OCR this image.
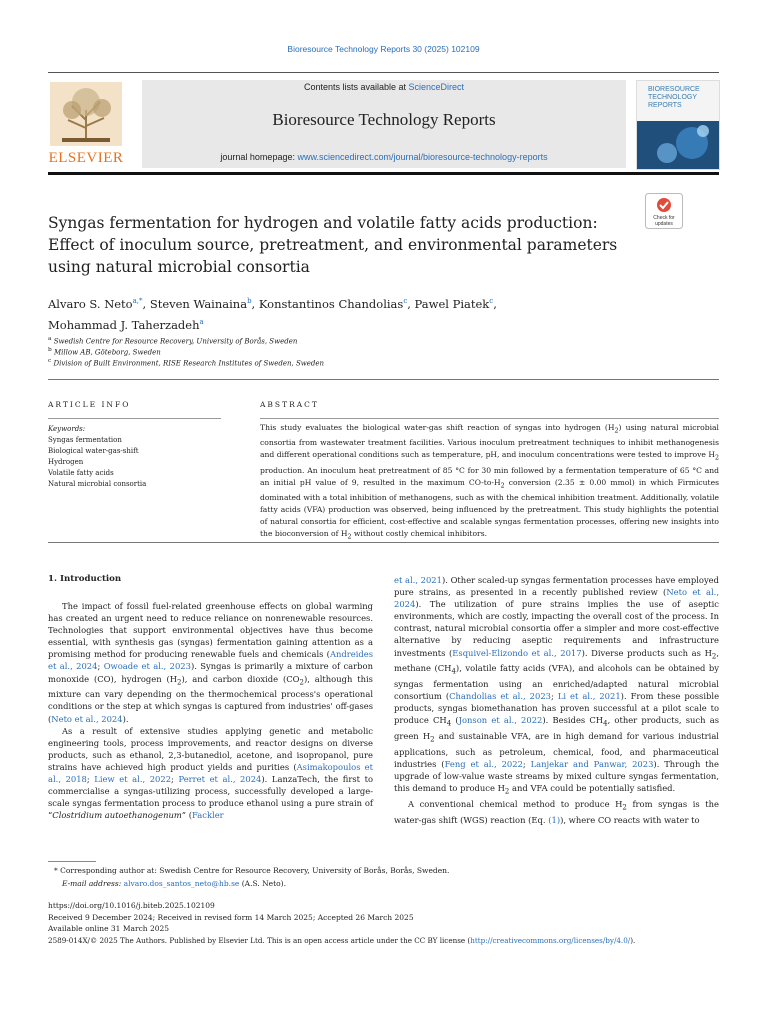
Bioresource Technology Reports 30 (2025) 102109
ELSEVIER
Contents lists available at ScienceDirect
Bioresource Technology Reports
journal homepage: www.sciencedirect.com/journal/bioresource-technology-reports
BIORESOURCE TECHNOLOGY REPORTS
Check for
updates
Syngas fermentation for hydrogen and volatile fatty acids production:
Effect of inoculum source, pretreatment, and environmental parameters
using natural microbial consortia
Alvaro S. Neto$^{a,*}$, Steven Wainaina$^b$, Konstantinos Chandolias$^c$, Pawel Piatek$^c$,
Mohammad J. Taherzadeh$^a$
$^a$ Swedish Centre for Resource Recovery, University of Borås, Sweden
$^b$ Millow AB, Göteborg, Sweden
$^c$ Division of Built Environment, RISE Research Institutes of Sweden, Sweden
ARTICLE INFO
Keywords:
Syngas fermentation
Biological water-gas-shift
Hydrogen
Volatile fatty acids
Natural microbial consortia
ABSTRACT

This study evaluates the biological water-gas shift reaction of syngas into hydrogen $(H_2)$ using natural microbial consortia from wastewater treatment facilities. Various inoculum pretreatment techniques to inhibit methanogenesis and different operational conditions such as temperature, pH, and inoculum concentrations were tested to improve $H_2$ production. An inoculum heat pretreatment of 85 °C for 30 min followed by a fermentation temperature of 65 °C and an initial pH value of 9, resulted in the maximum $CO-to-H_2$ conversion (2.35 ± 0.00 mmol) in which Firmicutes dominated with a total inhibition of methanogens, such as with the chemical inhibition treatment. Additionally, volatile fatty acids (VFA) production was observed, being influenced by the pretreatment. This study highlights the potential of natural consortia for efficient, cost-effective and scalable syngas fermentation processes, offering new insights into the bioconversion of $H_2$ without costly chemical inhibitors.

1. Introduction

The impact of fossil fuel-related greenhouse effects on global warming has created an urgent need to reduce reliance on nonrenewable resources. Technologies that support environmental objectives have thus become essential, with synthesis gas (syngas) fermentation gaining attention as a promising method for producing renewable fuels and chemicals (Andreides et al., 2024; Owoade et al., 2023). Syngas is primarily a mixture of carbon monoxide (CO), hydrogen $(H_2)$, and carbon dioxide $(CO_2)$, although this mixture can vary depending on the thermochemical process's operational conditions or the step at which syngas is captured from industries' off-gases (Neto et al., 2024).

As a result of extensive studies applying genetic and metabolic engineering tools, process improvements, and reactor designs on diverse products, such as ethanol, 2,3-butanediol, acetone, and isopropanol, pure strains have achieved high product yields and purities (Asimakopoulos et al., 2018; Liew et al., 2022; Perret et al., 2024). LanzaTech, the first to commercialise a syngas-utilizing process, successfully developed a large-scale syngas fermentation process to produce ethanol using a pure strain of “Clostridium autoethanogenum” (Fackler

et al., 2021). Other scaled-up syngas fermentation processes have employed pure strains, as presented in a recently published review (Neto et al., 2024). The utilization of pure strains implies the use of aseptic environments, which are costly, impacting the overall cost of the process. In contrast, natural microbial consortia offer a simpler and more cost-effective alternative by reducing aseptic requirements and infrastructure investments (Esquivel-Elizondo et al., 2017). Diverse products such as $H_2$, methane $(CH_4)$, volatile fatty acids (VFA), and alcohols can be obtained by syngas fermentation using an enriched/adapted natural microbial consortium (Chandolias et al., 2023; Li et al., 2021). From these possible products, syngas biomethanation has proven successful at a pilot scale to produce $CH_4$ (Jonson et al., 2022). Besides $CH_4$, other products, such as green $H_2$ and sustainable VFA, are in high demand for various industrial applications, such as petroleum, chemical, food, and pharmaceutical industries (Feng et al., 2022; Lanjekar and Panwar, 2023). Through the upgrade of low-value waste streams by mixed culture syngas fermentation, this demand to produce $H_2$ and VFA could be potentially satisfied.

A conventional chemical method to produce $H_2$ from syngas is the water-gas shift (WGS) reaction (Eq. (1)), where CO reacts with water to

* Corresponding author at: Swedish Centre for Resource Recovery, University of Borås, Borås, Sweden.
E-mail address: alvaro.dos_santos_neto@hb.se (A.S. Neto).
https://doi.org/10.1016/j.biteb.2025.102109
Received 9 December 2024; Received in revised form 14 March 2025; Accepted 26 March 2025
Available online 31 March 2025
2589-014X/© 2025 The Authors. Published by Elsevier Ltd. This is an open access article under the CC BY license (http://creativecommons.org/licenses/by/4.0/).
